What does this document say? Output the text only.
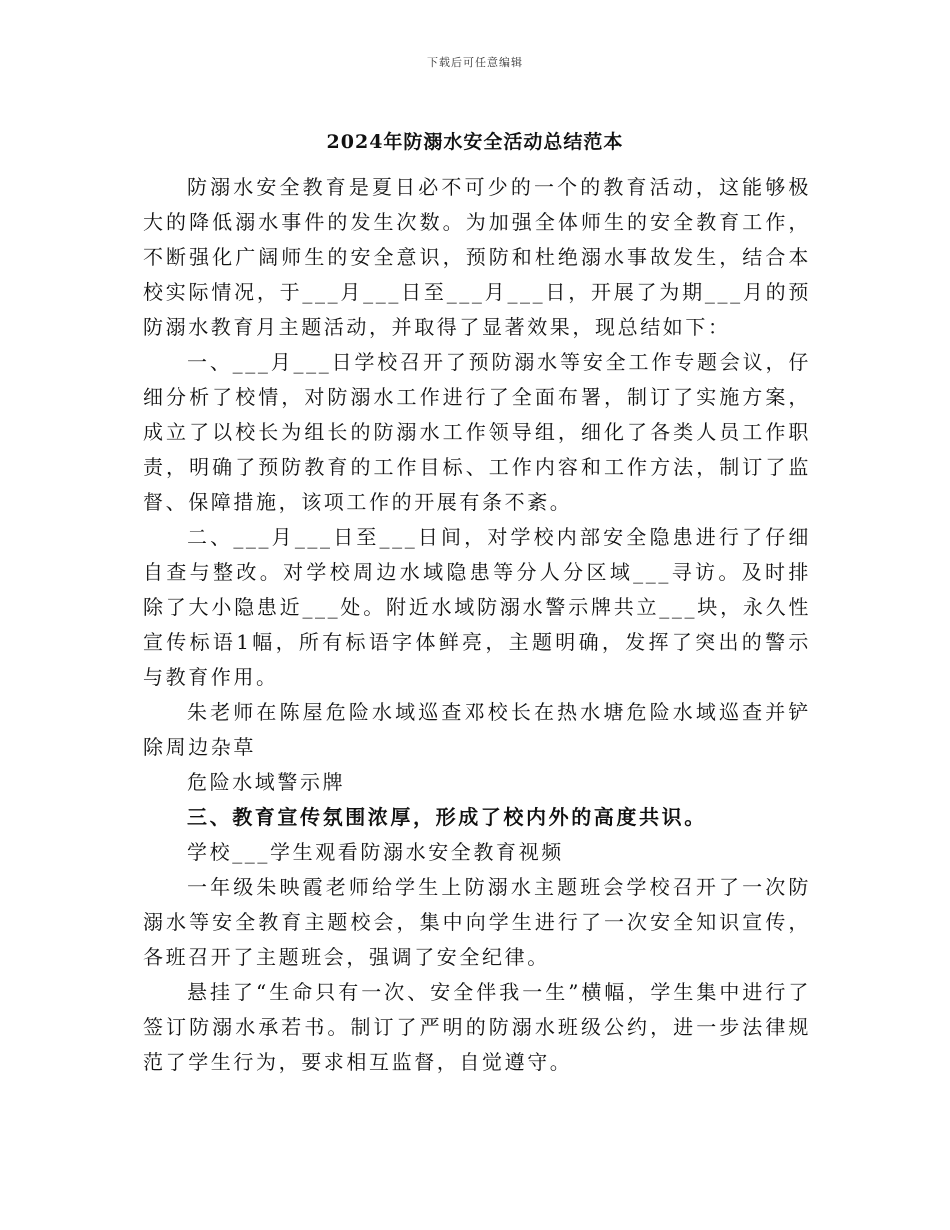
下载后可任意编辑
2024年防溺水安全活动总结范本

防溺水安全教育是夏日必不可少的一个的教育活动，这能够极大的降低溺水事件的发生次数。为加强全体师生的安全教育工作，不断强化广阔师生的安全意识，预防和杜绝溺水事故发生，结合本校实际情况，于___月___日至___月___日，开展了为期___月的预防溺水教育月主题活动，并取得了显著效果，现总结如下：

一、___月___日学校召开了预防溺水等安全工作专题会议，仔细分析了校情，对防溺水工作进行了全面布署，制订了实施方案，成立了以校长为组长的防溺水工作领导组，细化了各类人员工作职责，明确了预防教育的工作目标、工作内容和工作方法，制订了监督、保障措施，该项工作的开展有条不紊。

二、___月___日至___日间，对学校内部安全隐患进行了仔细自查与整改。对学校周边水域隐患等分人分区域___寻访。及时排除了大小隐患近___处。附近水域防溺水警示牌共立___块，永久性宣传标语1幅，所有标语字体鲜亮，主题明确，发挥了突出的警示与教育作用。

朱老师在陈屋危险水域巡查邓校长在热水塘危险水域巡查并铲除周边杂草

危险水域警示牌

三、教育宣传氛围浓厚，形成了校内外的高度共识。

学校___学生观看防溺水安全教育视频

一年级朱映霞老师给学生上防溺水主题班会学校召开了一次防溺水等安全教育主题校会，集中向学生进行了一次安全知识宣传，各班召开了主题班会，强调了安全纪律。

悬挂了“生命只有一次、安全伴我一生”横幅，学生集中进行了签订防溺水承若书。制订了严明的防溺水班级公约，进一步法律规范了学生行为，要求相互监督，自觉遵守。
